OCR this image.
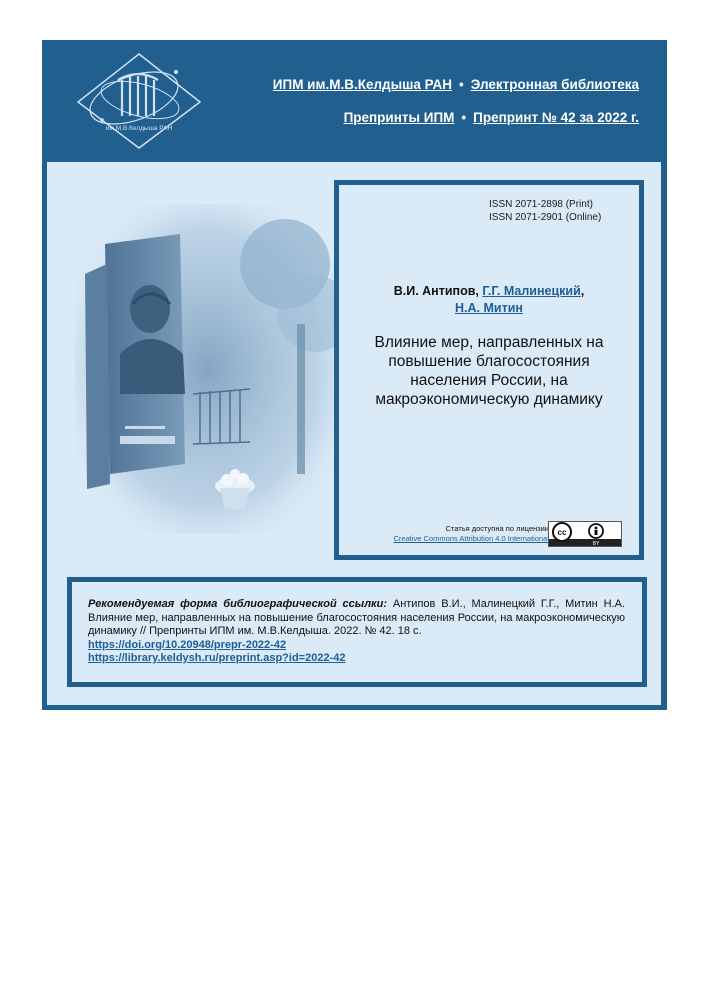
им.М.В.Келдыша РАН
ИПМ им.М.В.Келдыша РАН • Электронная библиотека
Препринты ИПМ • Препринт № 42 за 2022 г.
ISSN 2071-2898 (Print)
ISSN 2071-2901 (Online)
В.И. Антипов, Г.Г. Малинецкий,
Н.А. Митин
Влияние мер, направленных на повышение благосостояния населения России, на макроэкономическую динамику
Статья доступна по лицензии
Creative Commons Attribution 4.0 International
cc
BY
Рекомендуемая форма библиографической ссылки: Антипов В.И., Малинецкий Г.Г., Митин Н.А. Влияние мер, направленных на повышение благосостояния населения России, на макроэкономическую динамику // Препринты ИПМ им. М.В.Келдыша. 2022. № 42. 18 с.
https://doi.org/10.20948/prepr-2022-42
https://library.keldysh.ru/preprint.asp?id=2022-42
